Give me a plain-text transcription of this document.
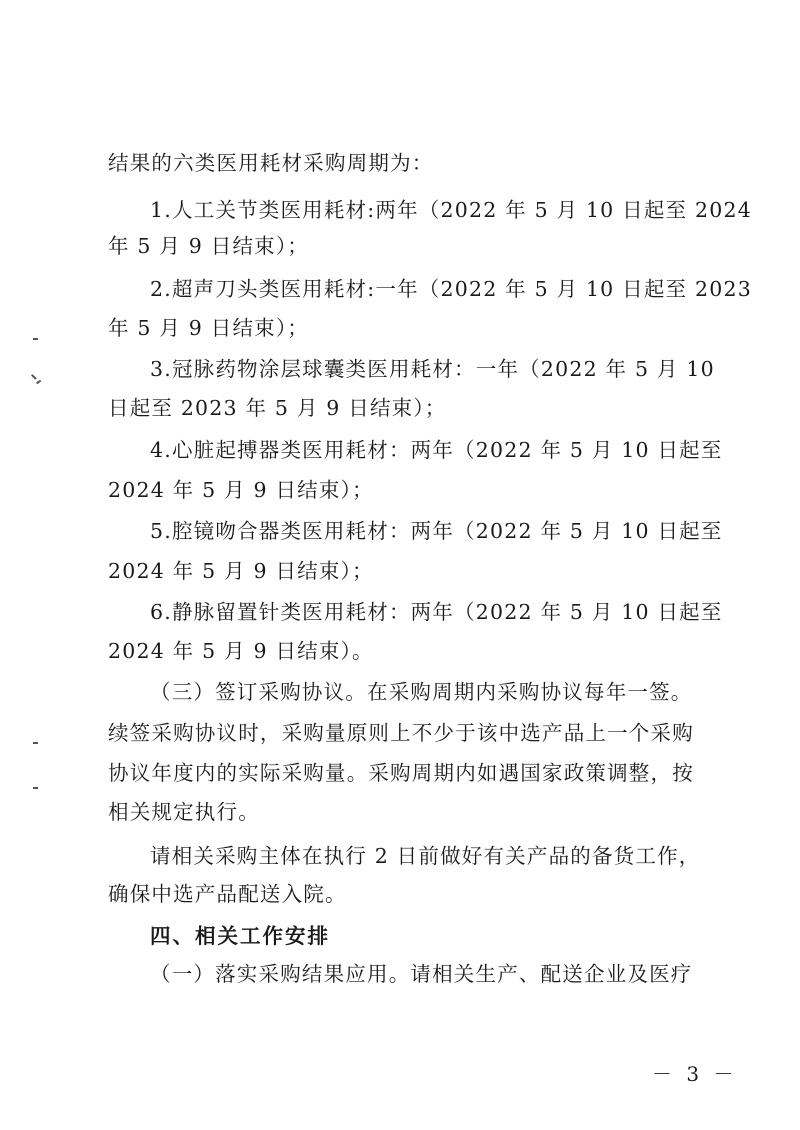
结果的六类医用耗材采购周期为：
1.人工关节类医用耗材:两年（2022 年 5 月 10 日起至 2024
年 5 月 9 日结束）；
2.超声刀头类医用耗材:一年（2022 年 5 月 10 日起至 2023
年 5 月 9 日结束）；
3.冠脉药物涂层球囊类医用耗材：一年（2022 年 5 月 10
日起至 2023 年 5 月 9 日结束）；
4.心脏起搏器类医用耗材：两年（2022 年 5 月 10 日起至
2024 年 5 月 9 日结束）；
5.腔镜吻合器类医用耗材：两年（2022 年 5 月 10 日起至
2024 年 5 月 9 日结束）；
6.静脉留置针类医用耗材：两年（2022 年 5 月 10 日起至
2024 年 5 月 9 日结束）。
（三）签订采购协议。在采购周期内采购协议每年一签。
续签采购协议时，采购量原则上不少于该中选产品上一个采购
协议年度内的实际采购量。采购周期内如遇国家政策调整，按
相关规定执行。
请相关采购主体在执行 2 日前做好有关产品的备货工作，
确保中选产品配送入院。
四、相关工作安排
（一）落实采购结果应用。请相关生产、配送企业及医疗
－ 3 －
